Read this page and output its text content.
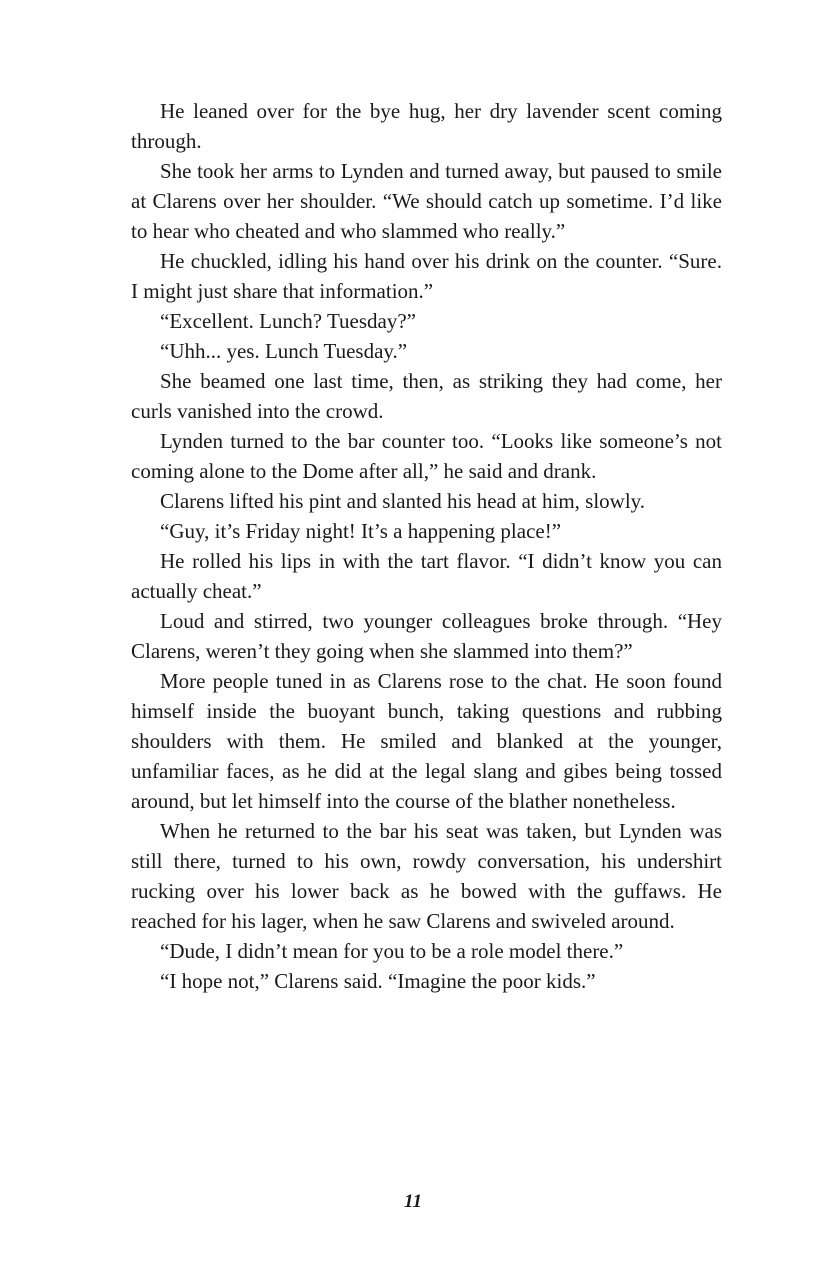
He leaned over for the bye hug, her dry lavender scent coming through.

She took her arms to Lynden and turned away, but paused to smile at Clarens over her shoulder. “We should catch up sometime. I’d like to hear who cheated and who slammed who really.”

He chuckled, idling his hand over his drink on the counter. “Sure. I might just share that information.”

“Excellent. Lunch? Tuesday?”

“Uhh... yes. Lunch Tuesday.”

She beamed one last time, then, as striking they had come, her curls vanished into the crowd.

Lynden turned to the bar counter too. “Looks like someone’s not coming alone to the Dome after all,” he said and drank.

Clarens lifted his pint and slanted his head at him, slowly.

“Guy, it’s Friday night! It’s a happening place!”

He rolled his lips in with the tart flavor. “I didn’t know you can actually cheat.”

Loud and stirred, two younger colleagues broke through. “Hey Clarens, weren’t they going when she slammed into them?”

More people tuned in as Clarens rose to the chat. He soon found himself inside the buoyant bunch, taking questions and rubbing shoulders with them. He smiled and blanked at the younger, unfamiliar faces, as he did at the legal slang and gibes being tossed around, but let himself into the course of the blather nonetheless.

When he returned to the bar his seat was taken, but Lynden was still there, turned to his own, rowdy conversation, his undershirt rucking over his lower back as he bowed with the guffaws. He reached for his lager, when he saw Clarens and swiveled around.

“Dude, I didn’t mean for you to be a role model there.”

“I hope not,” Clarens said. “Imagine the poor kids.”

11
